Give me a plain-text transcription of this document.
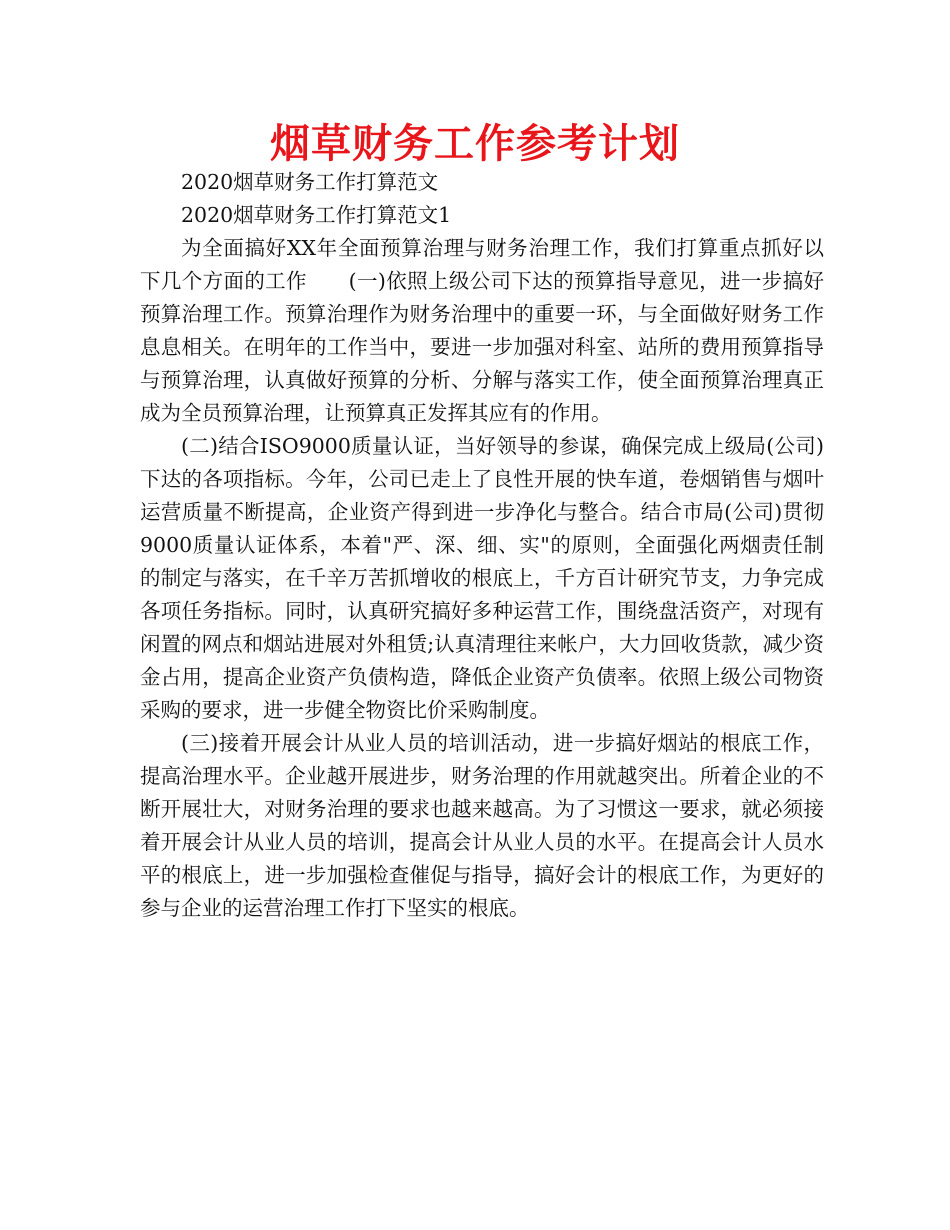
烟草财务工作参考计划

2020烟草财务工作打算范文

2020烟草财务工作打算范文1

为全面搞好XX年全面预算治理与财务治理工作，我们打算重点抓好以下几个方面的工作　　(一)依照上级公司下达的预算指导意见，进一步搞好预算治理工作。预算治理作为财务治理中的重要一环，与全面做好财务工作息息相关。在明年的工作当中，要进一步加强对科室、站所的费用预算指导与预算治理，认真做好预算的分析、分解与落实工作，使全面预算治理真正成为全员预算治理，让预算真正发挥其应有的作用。

(二)结合ISO9000质量认证，当好领导的参谋，确保完成上级局(公司)下达的各项指标。今年，公司已走上了良性开展的快车道，卷烟销售与烟叶运营质量不断提高，企业资产得到进一步净化与整合。结合市局(公司)贯彻9000质量认证体系，本着"严、深、细、实"的原则，全面强化两烟责任制的制定与落实，在千辛万苦抓增收的根底上，千方百计研究节支，力争完成各项任务指标。同时，认真研究搞好多种运营工作，围绕盘活资产，对现有闲置的网点和烟站进展对外租赁;认真清理往来帐户，大力回收货款，减少资金占用，提高企业资产负债构造，降低企业资产负债率。依照上级公司物资采购的要求，进一步健全物资比价采购制度。

(三)接着开展会计从业人员的培训活动，进一步搞好烟站的根底工作，提高治理水平。企业越开展进步，财务治理的作用就越突出。所着企业的不断开展壮大，对财务治理的要求也越来越高。为了习惯这一要求，就必须接着开展会计从业人员的培训，提高会计从业人员的水平。在提高会计人员水平的根底上，进一步加强检查催促与指导，搞好会计的根底工作，为更好的参与企业的运营治理工作打下坚实的根底。
